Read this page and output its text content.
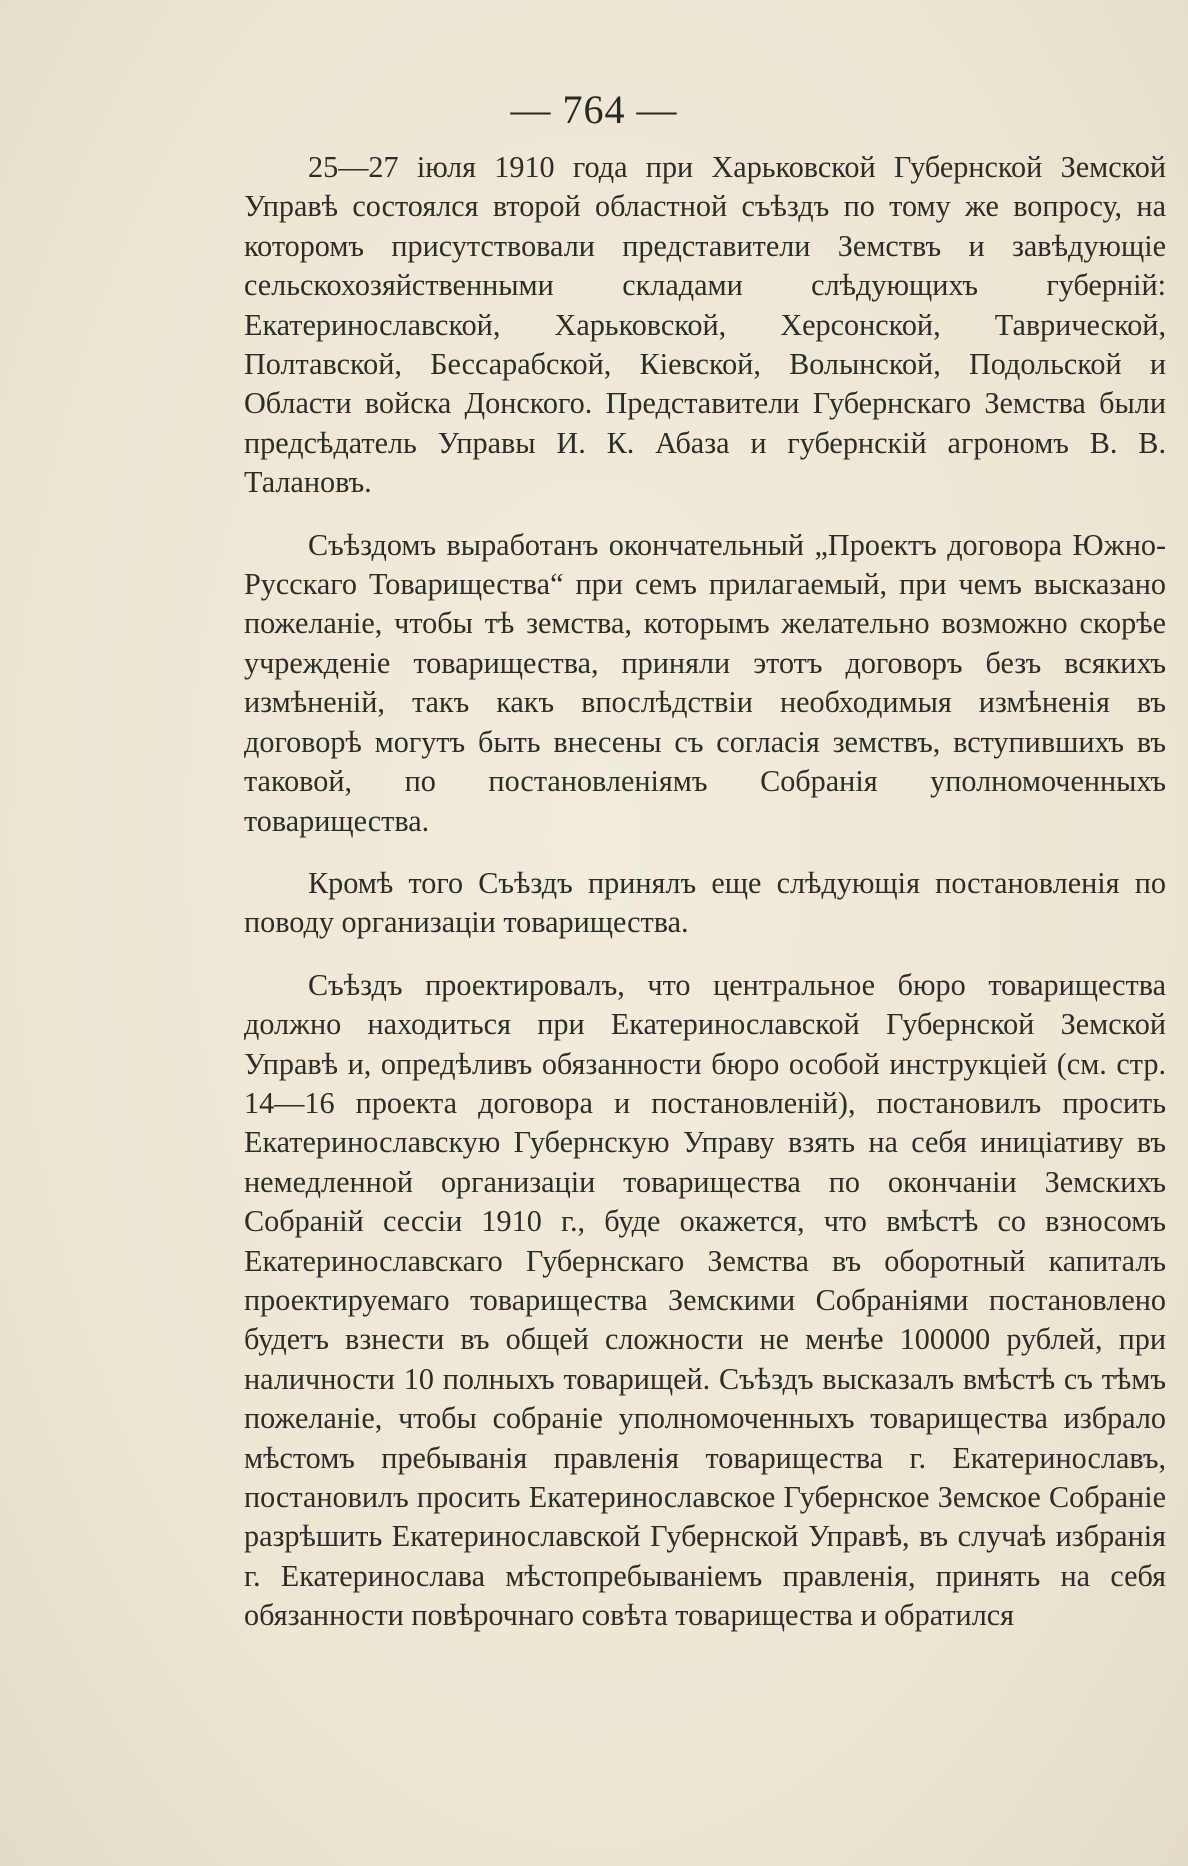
— 764 —

25—27 іюля 1910 года при Харьковской Губернской Земской Управѣ состоялся второй областной съѣздъ по тому же вопросу, на которомъ присутствовали представители Земствъ и завѣдующіе сельскохозяйственными складами слѣдующихъ губерній: Екатеринославской, Харьковской, Херсонской, Таврической, Полтавской, Бессарабской, Кіевской, Волынской, Подольской и Области войска Донского. Представители Губернскаго Земства были предсѣдатель Управы И. К. Абаза и губернскій агрономъ В. В. Талановъ.

Съѣздомъ выработанъ окончательный „Проектъ договора Южно-Русскаго Товарищества“ при семъ прилагаемый, при чемъ высказано пожеланіе, чтобы тѣ земства, которымъ желательно возможно скорѣе учрежденіе товарищества, приняли этотъ договоръ безъ всякихъ измѣненій, такъ какъ впослѣдствіи необходимыя измѣненія въ договорѣ могутъ быть внесены съ согласія земствъ, вступившихъ въ таковой, по постановленіямъ Собранія уполномоченныхъ товарищества.

Кромѣ того Съѣздъ принялъ еще слѣдующія постановленія по поводу организаціи товарищества.

Съѣздъ проектировалъ, что центральное бюро товарищества должно находиться при Екатеринославской Губернской Земской Управѣ и, опредѣливъ обязанности бюро особой инструкціей (см. стр. 14—16 проекта договора и постановленій), постановилъ просить Екатеринославскую Губернскую Управу взять на себя иниціативу въ немедленной организаціи товарищества по окончаніи Земскихъ Собраній сессіи 1910 г., буде окажется, что вмѣстѣ со взносомъ Екатеринославскаго Губернскаго Земства въ оборотный капиталъ проектируемаго товарищества Земскими Собраніями постановлено будетъ взнести въ общей сложности не менѣе 100000 рублей, при наличности 10 полныхъ товарищей. Съѣздъ высказалъ вмѣстѣ съ тѣмъ пожеланіе, чтобы собраніе уполномоченныхъ товарищества избрало мѣстомъ пребыванія правленія товарищества г. Екатеринославъ, постановилъ просить Екатеринославское Губернское Земское Собраніе разрѣшить Екатеринославской Губернской Управѣ, въ случаѣ избранія г. Екатеринослава мѣстопребываніемъ правленія, принять на себя обязанности повѣрочнаго совѣта товарищества и обратился
